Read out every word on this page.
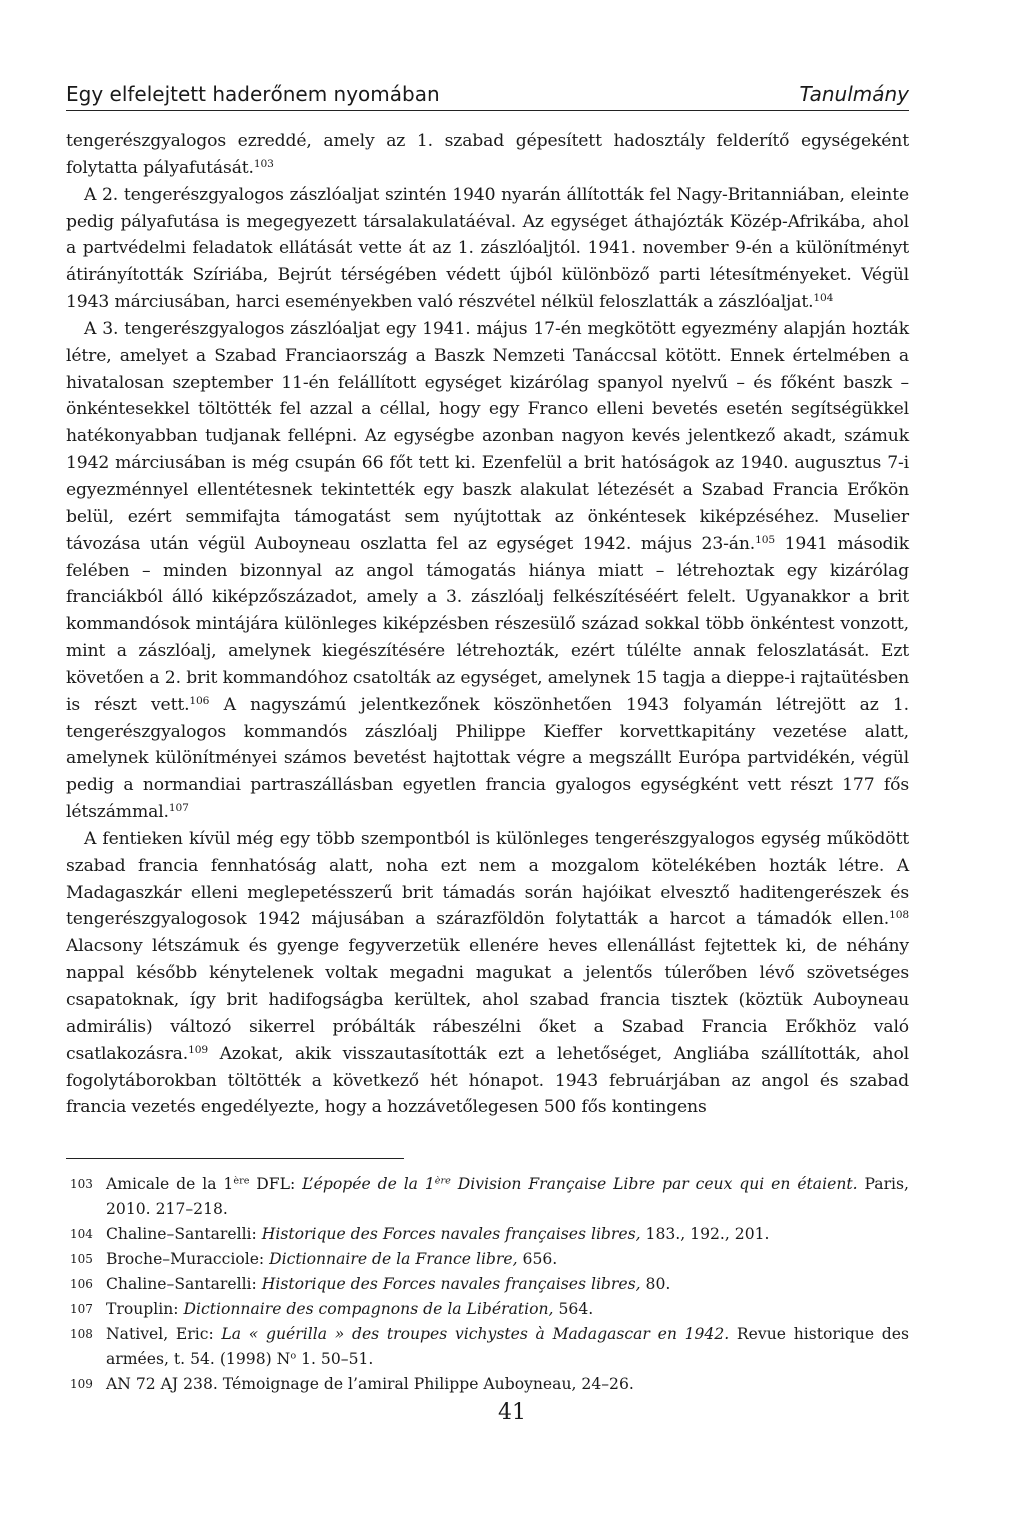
Egy elfelejtett haderőnem nyomában	Tanulmány

tengerészgyalogos ezreddé, amely az 1. szabad gépesített hadosztály felderítő egységeként folytatta pályafutását.$^{103}$

A 2. tengerészgyalogos zászlóaljat szintén 1940 nyarán állították fel Nagy-Britanniában, eleinte pedig pályafutása is megegyezett társalakulatáéval. Az egységet áthajózták Közép-Afrikába, ahol a partvédelmi feladatok ellátását vette át az 1. zászlóaljtól. 1941. november 9-én a különítményt átirányították Szíriába, Bejrút térségében védett újból különböző parti létesítményeket. Végül 1943 márciusában, harci eseményekben való részvétel nélkül feloszlatták a zászlóaljat.$^{104}$

A 3. tengerészgyalogos zászlóaljat egy 1941. május 17-én megkötött egyezmény alapján hozták létre, amelyet a Szabad Franciaország a Baszk Nemzeti Tanáccsal kötött. Ennek értelmében a hivatalosan szeptember 11-én felállított egységet kizárólag spanyol nyelvű – és főként baszk – önkéntesekkel töltötték fel azzal a céllal, hogy egy Franco elleni bevetés esetén segítségükkel hatékonyabban tudjanak fellépni. Az egységbe azonban nagyon kevés jelentkező akadt, számuk 1942 márciusában is még csupán 66 főt tett ki. Ezenfelül a brit hatóságok az 1940. augusztus 7-i egyezménnyel ellentétesnek tekintették egy baszk alakulat létezését a Szabad Francia Erőkön belül, ezért semmifajta támogatást sem nyújtottak az önkéntesek kiképzéséhez. Muselier távozása után végül Auboyneau oszlatta fel az egységet 1942. május 23-án.$^{105}$ 1941 második felében – minden bizonnyal az angol támogatás hiánya miatt – létrehoztak egy kizárólag franciákból álló kiképzőszázadot, amely a 3. zászlóalj felkészítéséért felelt. Ugyanakkor a brit kommandósok mintájára különleges kiképzésben részesülő század sokkal több önkéntest vonzott, mint a zászlóalj, amelynek kiegészítésére létrehozták, ezért túlélte annak feloszlatását. Ezt követően a 2. brit kommandóhoz csatolták az egységet, amelynek 15 tagja a dieppe-i rajtaütésben is részt vett.$^{106}$ A nagyszámú jelentkezőnek köszönhetően 1943 folyamán létrejött az 1. tengerészgyalogos kommandós zászlóalj Philippe Kieffer korvettkapitány vezetése alatt, amelynek különítményei számos bevetést hajtottak végre a megszállt Európa partvidékén, végül pedig a normandiai partraszállásban egyetlen francia gyalogos egységként vett részt 177 fős létszámmal.$^{107}$

A fentieken kívül még egy több szempontból is különleges tengerészgyalogos egység működött szabad francia fennhatóság alatt, noha ezt nem a mozgalom kötelékében hozták létre. A Madagaszkár elleni meglepetésszerű brit támadás során hajóikat elvesztő haditengerészek és tengerészgyalogosok 1942 májusában a szárazföldön folytatták a harcot a támadók ellen.$^{108}$ Alacsony létszámuk és gyenge fegyverzetük ellenére heves ellenállást fejtettek ki, de néhány nappal később kénytelenek voltak megadni magukat a jelentős túlerőben lévő szövetséges csapatoknak, így brit hadifogságba kerültek, ahol szabad francia tisztek (köztük Auboyneau admirális) változó sikerrel próbálták rábeszélni őket a Szabad Francia Erőkhöz való csatlakozásra.$^{109}$ Azokat, akik visszautasították ezt a lehetőséget, Angliába szállították, ahol fogolytáborokban töltötték a következő hét hónapot. 1943 februárjában az angol és szabad francia vezetés engedélyezte, hogy a hozzávetőlegesen 500 fős kontingens

103 Amicale de la 1ère DFL: L’épopée de la 1ère Division Française Libre par ceux qui en étaient. Paris, 2010. 217–218.
104 Chaline–Santarelli: Historique des Forces navales françaises libres, 183., 192., 201.
105 Broche–Muracciole: Dictionnaire de la France libre, 656.
106 Chaline–Santarelli: Historique des Forces navales françaises libres, 80.
107 Trouplin: Dictionnaire des compagnons de la Libération, 564.
108 Nativel, Eric: La « guérilla » des troupes vichystes à Madagascar en 1942. Revue historique des armées, t. 54. (1998) $N^o$ 1. 50–51.
109 AN 72 AJ 238. Témoignage de l’amiral Philippe Auboyneau, 24–26.
41
